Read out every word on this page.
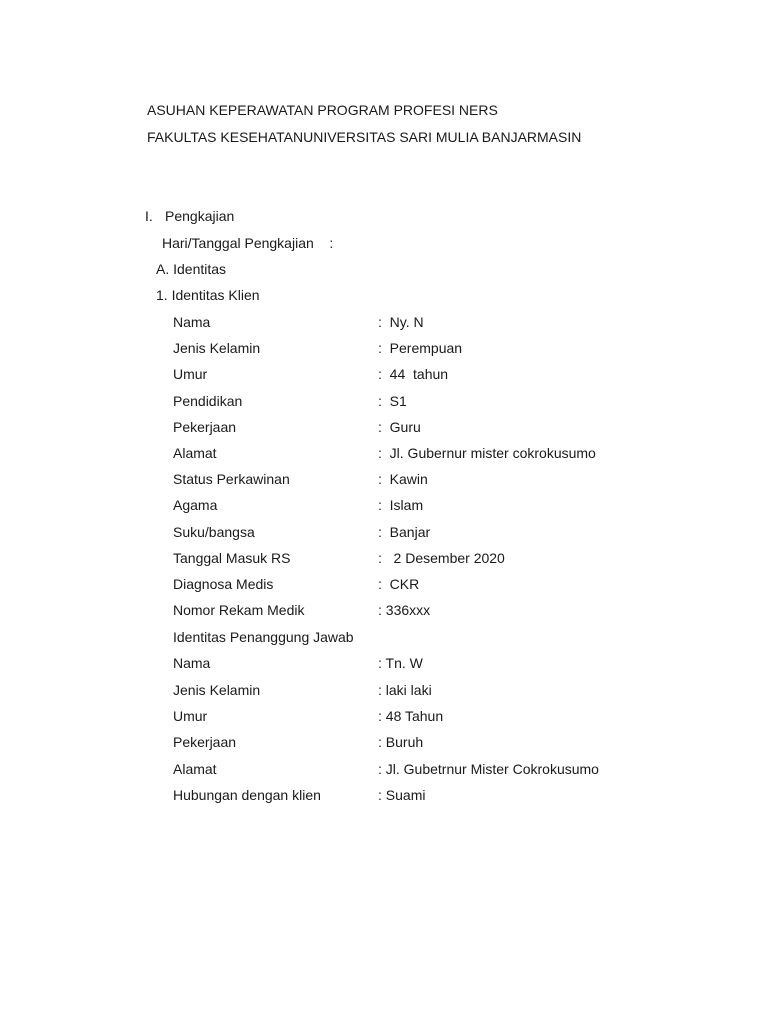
ASUHAN KEPERAWATAN PROGRAM PROFESI NERS
FAKULTAS KESEHATANUNIVERSITAS SARI MULIA BANJARMASIN
I. Pengkajian
Hari/Tanggal Pengkajian    :
A. Identitas
1. Identitas Klien
Nama	:  Ny. N
Jenis Kelamin	:  Perempuan
Umur	:  44  tahun
Pendidikan	:  S1
Pekerjaan	:  Guru
Alamat	:  Jl. Gubernur mister cokrokusumo
Status Perkawinan	:  Kawin
Agama	:  Islam
Suku/bangsa	:  Banjar
Tanggal Masuk RS	:   2 Desember 2020
Diagnosa Medis	:  CKR
Nomor Rekam Medik	: 336xxx
Identitas Penanggung Jawab
Nama	: Tn. W
Jenis Kelamin	: laki laki
Umur	: 48 Tahun
Pekerjaan	: Buruh
Alamat	: Jl. Gubetrnur Mister Cokrokusumo
Hubungan dengan klien	: Suami
